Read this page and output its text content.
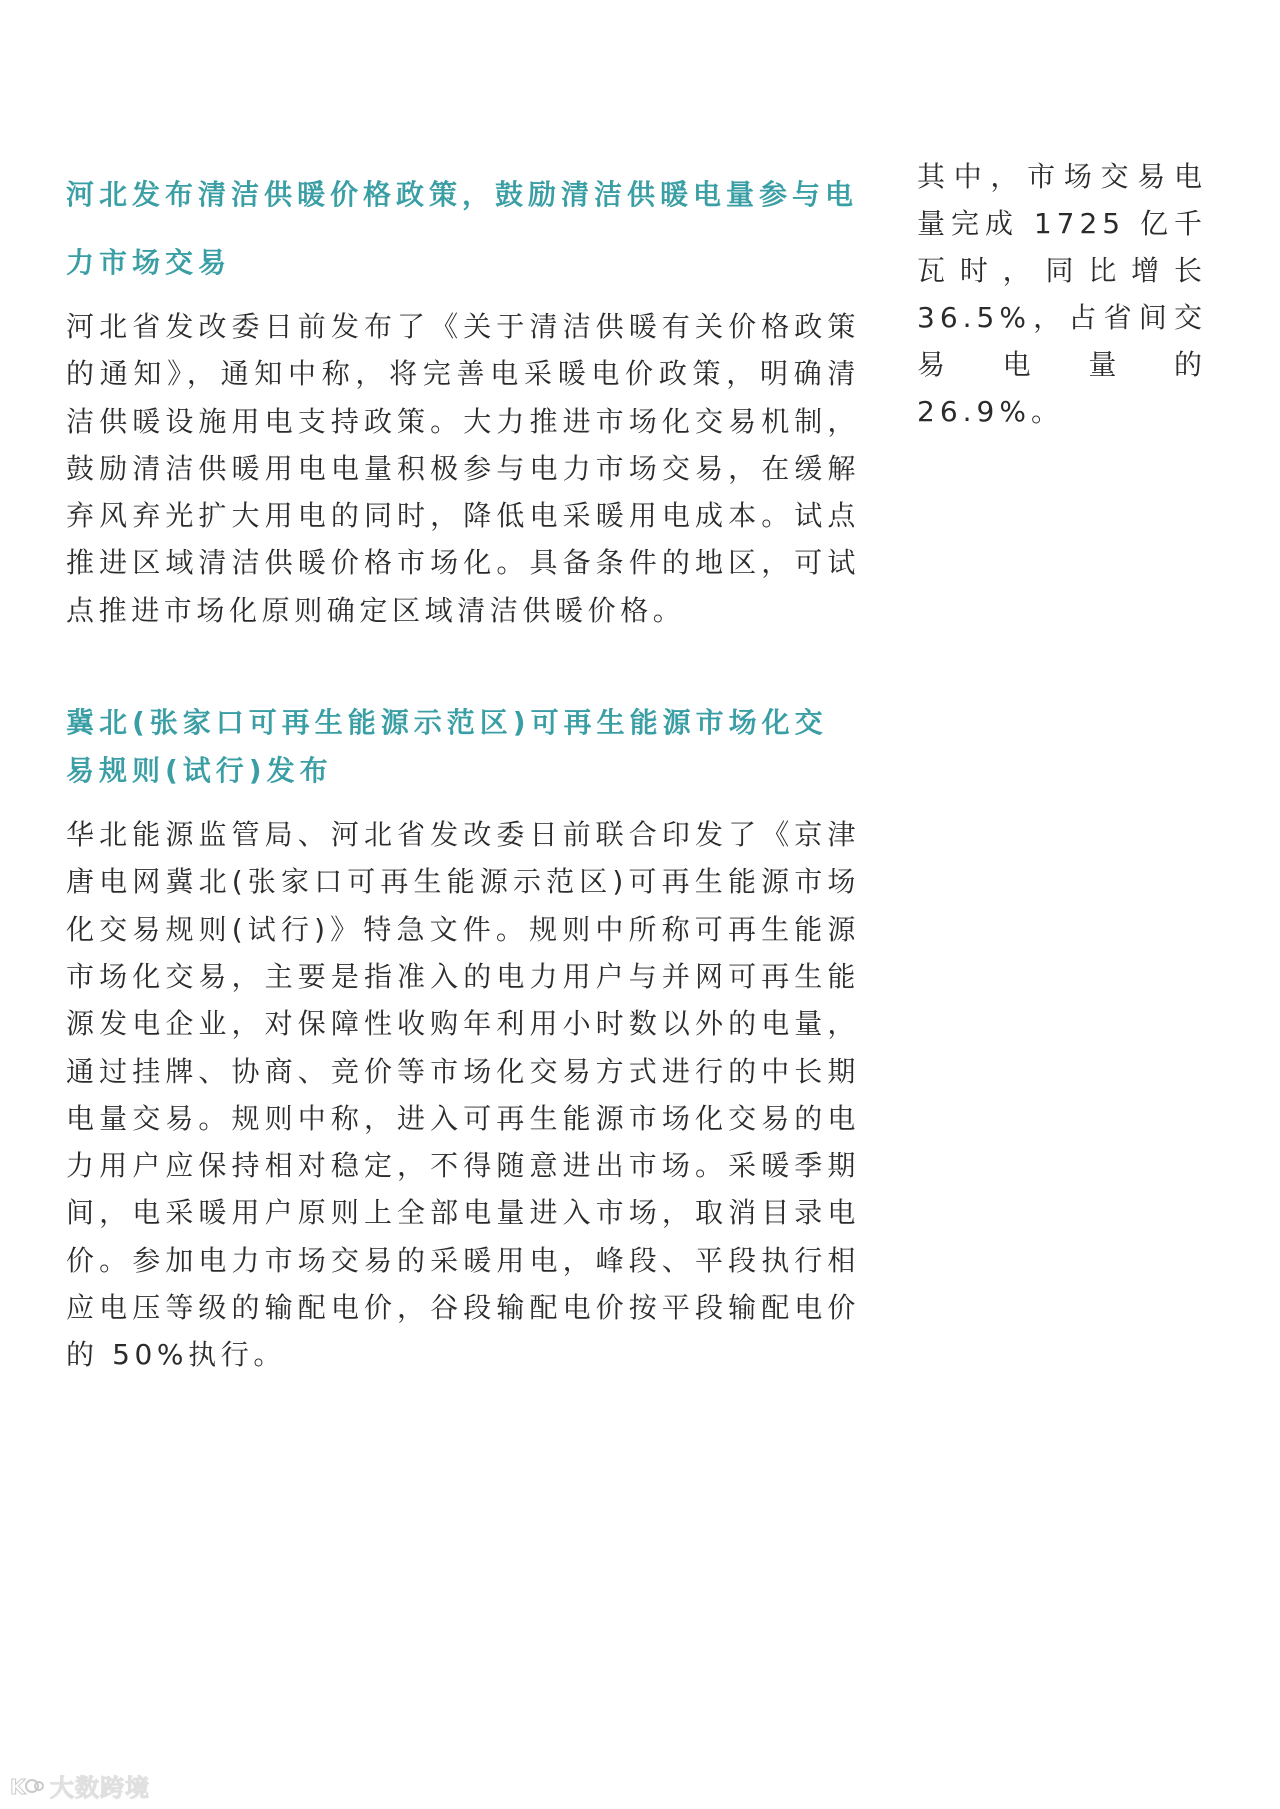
河北发布清洁供暖价格政策，鼓励清洁供暖电量参与电力市场交易

河北省发改委日前发布了《关于清洁供暖有关价格政策的通知》，通知中称，将完善电采暖电价政策，明确清洁供暖设施用电支持政策。大力推进市场化交易机制，鼓励清洁供暖用电电量积极参与电力市场交易，在缓解弃风弃光扩大用电的同时，降低电采暖用电成本。试点推进区域清洁供暖价格市场化。具备条件的地区，可试点推进市场化原则确定区域清洁供暖价格。

冀北(张家口可再生能源示范区)可再生能源市场化交易规则(试行)发布

华北能源监管局、河北省发改委日前联合印发了《京津唐电网冀北(张家口可再生能源示范区)可再生能源市场化交易规则(试行)》特急文件。规则中所称可再生能源市场化交易，主要是指准入的电力用户与并网可再生能源发电企业，对保障性收购年利用小时数以外的电量，通过挂牌、协商、竞价等市场化交易方式进行的中长期电量交易。规则中称，进入可再生能源市场化交易的电力用户应保持相对稳定，不得随意进出市场。采暖季期间，电采暖用户原则上全部电量进入市场，取消目录电价。参加电力市场交易的采暖用电，峰段、平段执行相应电压等级的输配电价，谷段输配电价按平段输配电价的 50%执行。

其中，市场交易电量完成 1725 亿千瓦时，同比增长 36.5%，占省间交易电量的 26.9%。

K 大数跨境
